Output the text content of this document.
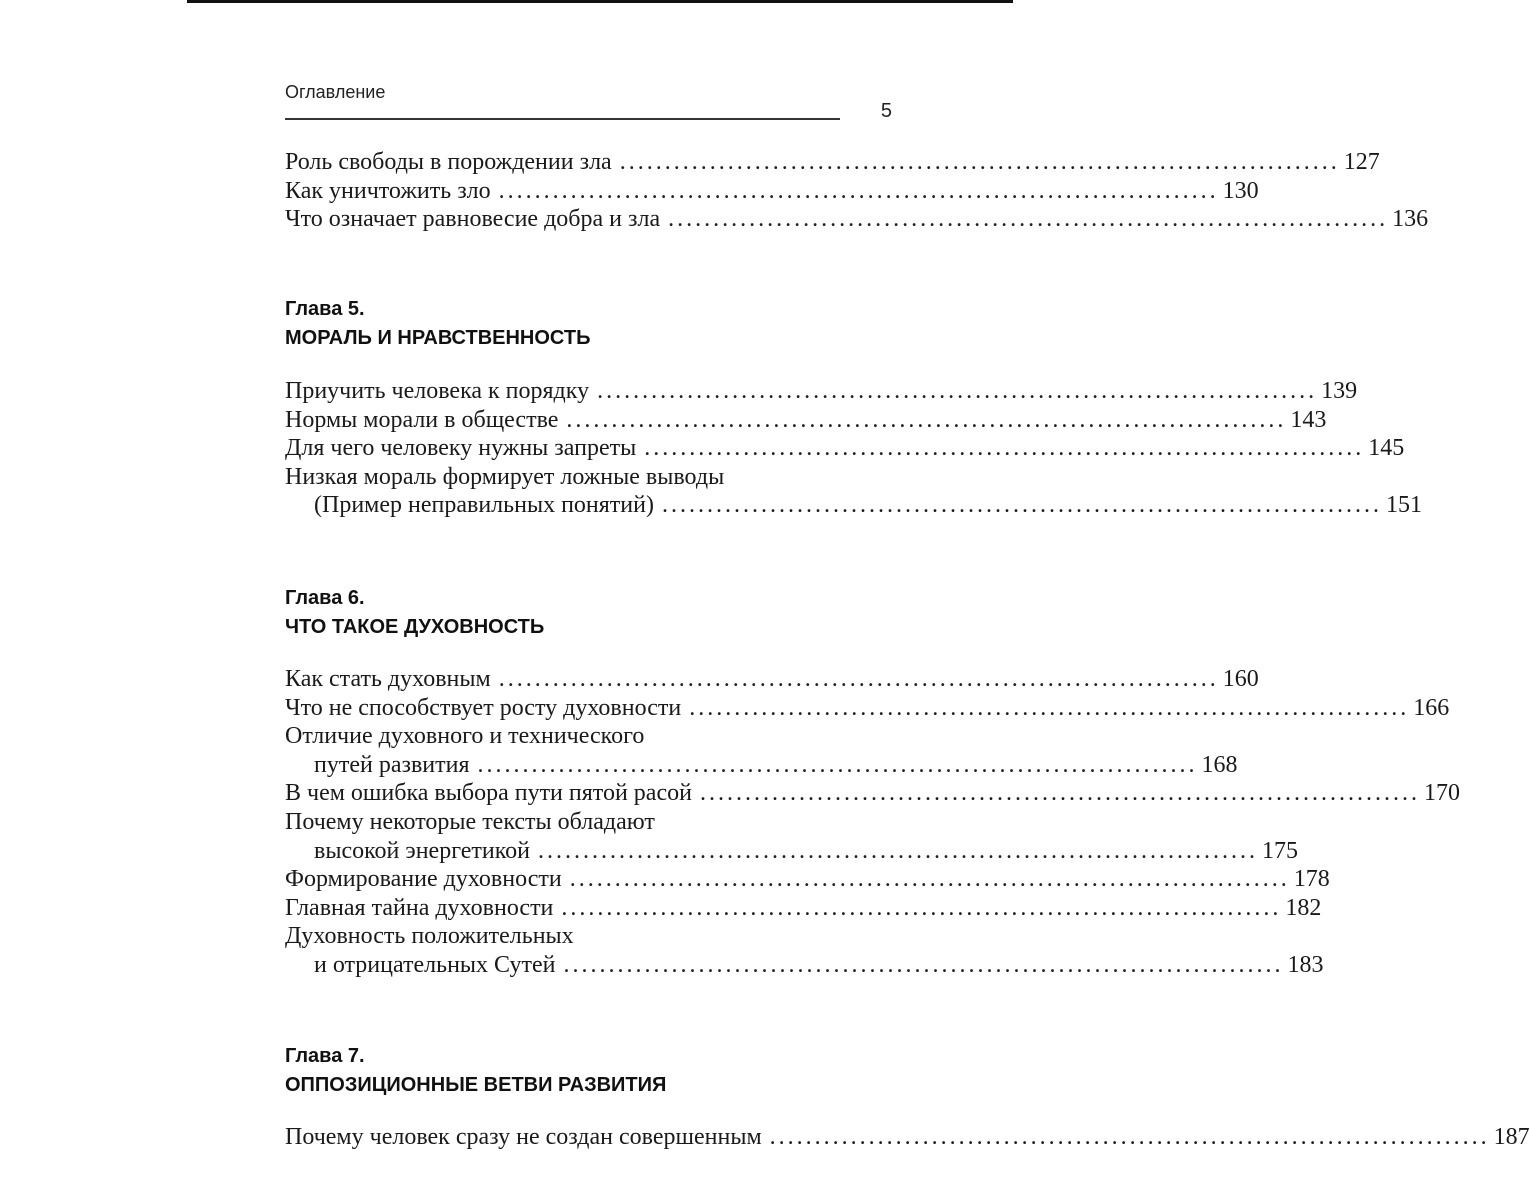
Оглавление
5
Роль свободы в порождении зла ................................................................................ 127
Как уничтожить зло ................................................................................ 130
Что означает равновесие добра и зла ................................................................................ 136
Глава 5.
МОРАЛЬ И НРАВСТВЕННОСТЬ
Приучить человека к порядку ................................................................................ 139
Нормы морали в обществе ................................................................................ 143
Для чего человеку нужны запреты ................................................................................ 145
Низкая мораль формирует ложные выводы
(Пример неправильных понятий) ................................................................................ 151
Глава 6.
ЧТО ТАКОЕ ДУХОВНОСТЬ
Как стать духовным ................................................................................ 160
Что не способствует росту духовности ................................................................................ 166
Отличие духовного и технического
путей развития ................................................................................ 168
В чем ошибка выбора пути пятой расой ................................................................................ 170
Почему некоторые тексты обладают
высокой энергетикой ................................................................................ 175
Формирование духовности ................................................................................ 178
Главная тайна духовности ................................................................................ 182
Духовность положительных
и отрицательных Сутей ................................................................................ 183
Глава 7.
ОППОЗИЦИОННЫЕ ВЕТВИ РАЗВИТИЯ
Почему человек сразу не создан совершенным ................................................................................ 187
